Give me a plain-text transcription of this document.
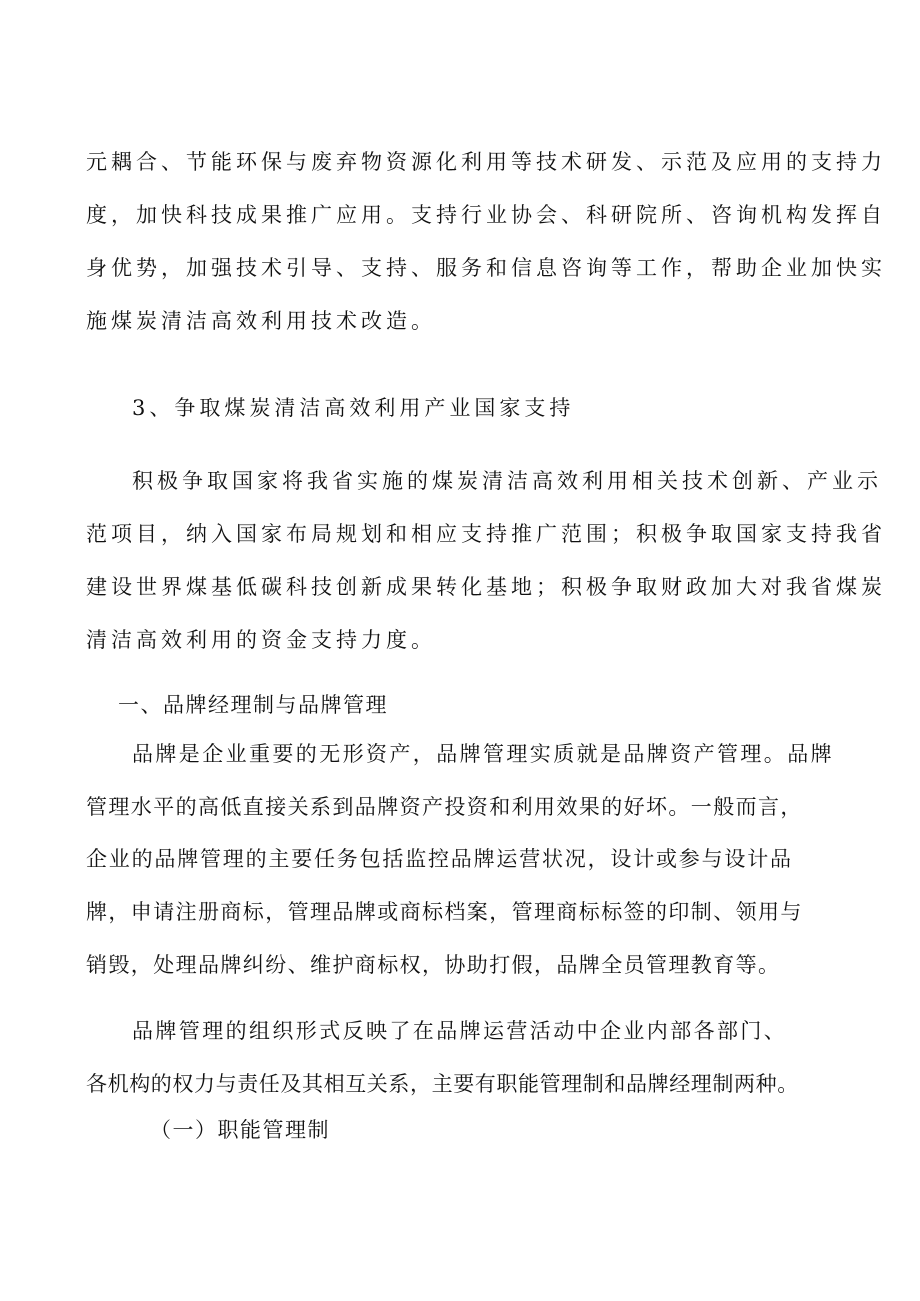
元耦合、节能环保与废弃物资源化利用等技术研发、示范及应用的支持力
度，加快科技成果推广应用。支持行业协会、科研院所、咨询机构发挥自
身优势，加强技术引导、支持、服务和信息咨询等工作，帮助企业加快实
施煤炭清洁高效利用技术改造。
3、争取煤炭清洁高效利用产业国家支持
积极争取国家将我省实施的煤炭清洁高效利用相关技术创新、产业示
范项目，纳入国家布局规划和相应支持推广范围；积极争取国家支持我省
建设世界煤基低碳科技创新成果转化基地；积极争取财政加大对我省煤炭
清洁高效利用的资金支持力度。
一、品牌经理制与品牌管理
品牌是企业重要的无形资产，品牌管理实质就是品牌资产管理。品牌
管理水平的高低直接关系到品牌资产投资和利用效果的好坏。一般而言，
企业的品牌管理的主要任务包括监控品牌运营状况，设计或参与设计品
牌，申请注册商标，管理品牌或商标档案，管理商标标签的印制、领用与
销毁，处理品牌纠纷、维护商标权，协助打假，品牌全员管理教育等。
品牌管理的组织形式反映了在品牌运营活动中企业内部各部门、
各机构的权力与责任及其相互关系，主要有职能管理制和品牌经理制两种。
（一）职能管理制
